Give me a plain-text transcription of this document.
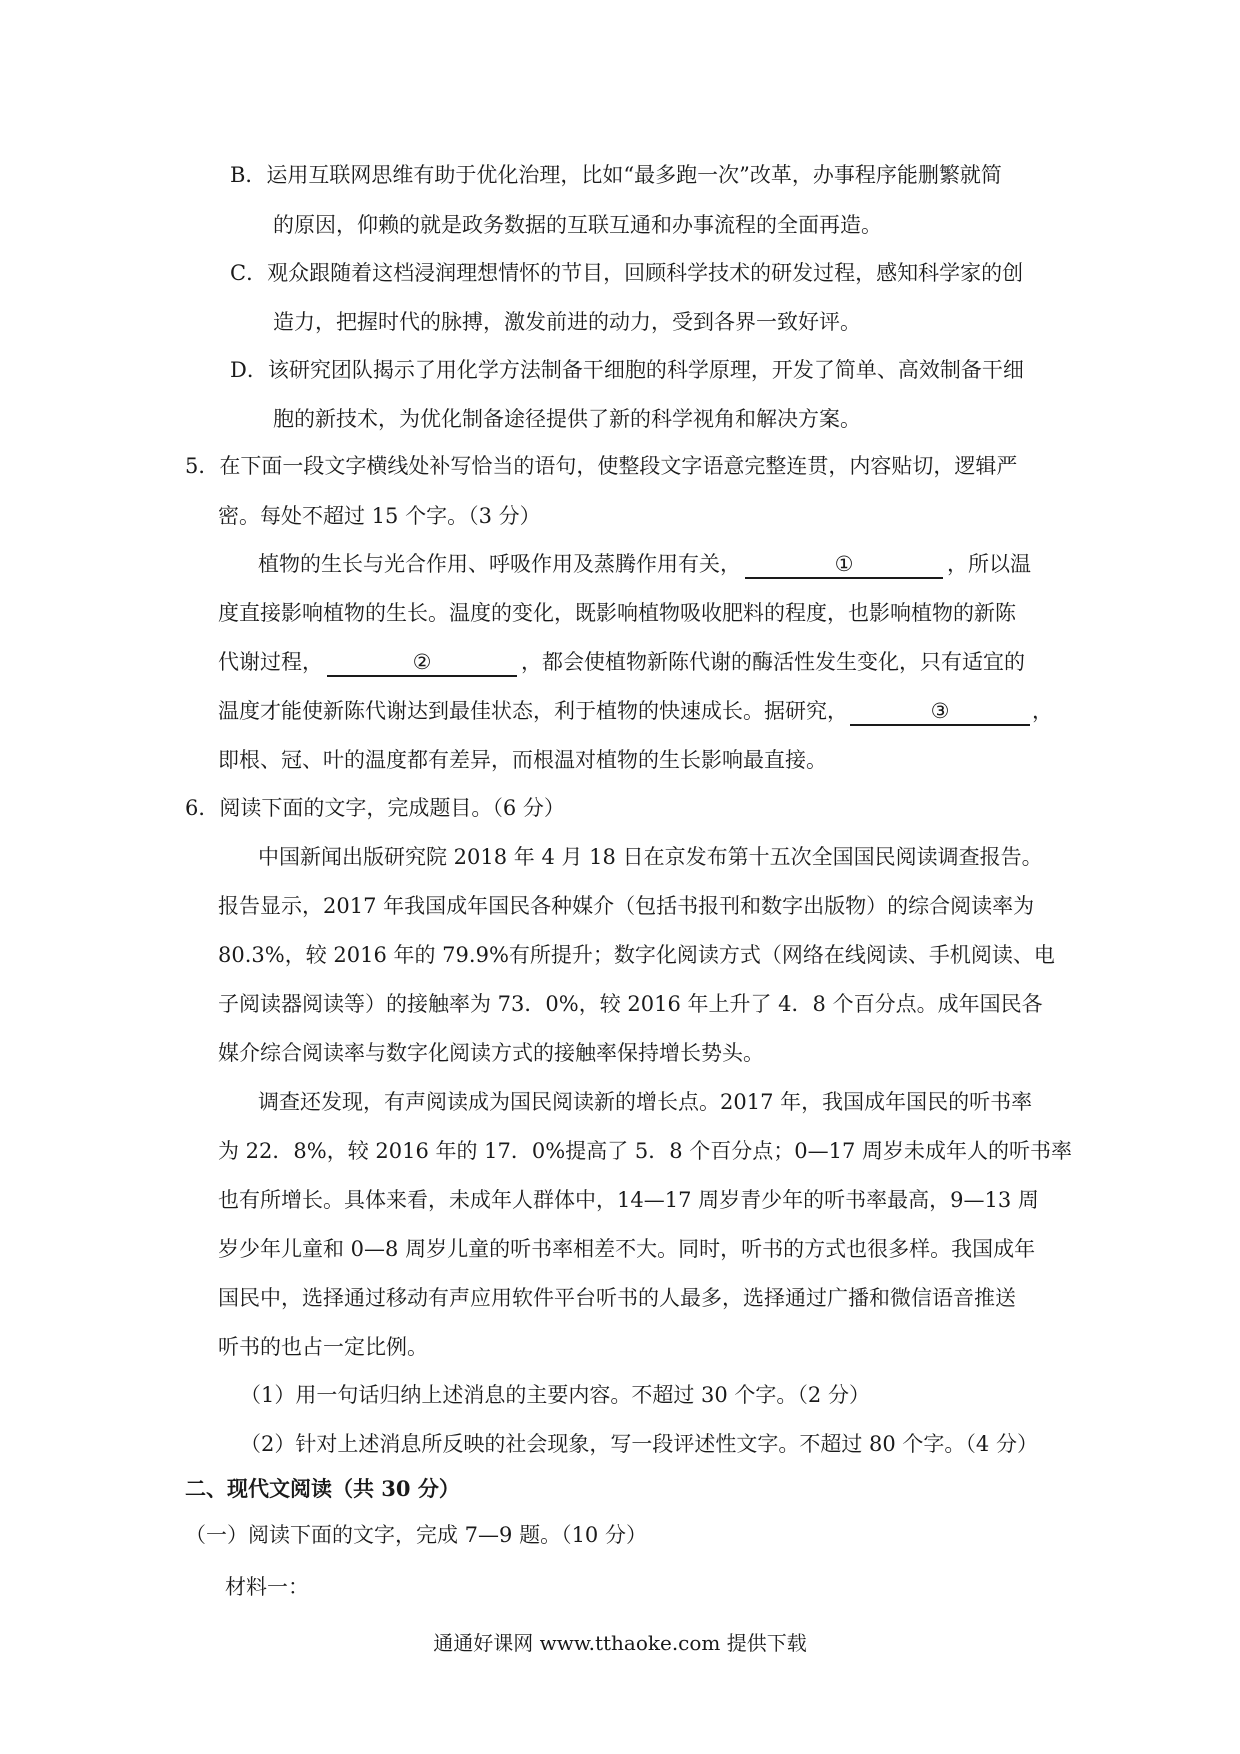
B．运用互联网思维有助于优化治理，比如“最多跑一次”改革，办事程序能删繁就简
的原因，仰赖的就是政务数据的互联互通和办事流程的全面再造。
C．观众跟随着这档浸润理想情怀的节目，回顾科学技术的研发过程，感知科学家的创
造力，把握时代的脉搏，激发前进的动力，受到各界一致好评。
D．该研究团队揭示了用化学方法制备干细胞的科学原理，开发了简单、高效制备干细
胞的新技术，为优化制备途径提供了新的科学视角和解决方案。
5．在下面一段文字横线处补写恰当的语句，使整段文字语意完整连贯，内容贴切，逻辑严
密。每处不超过 15 个字。（3 分）
植物的生长与光合作用、呼吸作用及蒸腾作用有关，	①	，所以温
度直接影响植物的生长。温度的变化，既影响植物吸收肥料的程度，也影响植物的新陈
代谢过程，	②	，都会使植物新陈代谢的酶活性发生变化，只有适宜的
温度才能使新陈代谢达到最佳状态，利于植物的快速成长。据研究，	③	，
即根、冠、叶的温度都有差异，而根温对植物的生长影响最直接。
6．阅读下面的文字，完成题目。（6 分）
中国新闻出版研究院 2018 年 4 月 18 日在京发布第十五次全国国民阅读调查报告。
报告显示，2017 年我国成年国民各种媒介（包括书报刊和数字出版物）的综合阅读率为
80.3%，较 2016 年的 79.9%有所提升；数字化阅读方式（网络在线阅读、手机阅读、电
子阅读器阅读等）的接触率为 73．0%，较 2016 年上升了 4．8 个百分点。成年国民各
媒介综合阅读率与数字化阅读方式的接触率保持增长势头。
调查还发现，有声阅读成为国民阅读新的增长点。2017 年，我国成年国民的听书率
为 22．8%，较 2016 年的 17．0%提高了 5．8 个百分点；0—17 周岁未成年人的听书率
也有所增长。具体来看，未成年人群体中，14—17 周岁青少年的听书率最高，9—13 周
岁少年儿童和 0—8 周岁儿童的听书率相差不大。同时，听书的方式也很多样。我国成年
国民中，选择通过移动有声应用软件平台听书的人最多，选择通过广播和微信语音推送
听书的也占一定比例。
（1）用一句话归纳上述消息的主要内容。不超过 30 个字。（2 分）
（2）针对上述消息所反映的社会现象，写一段评述性文字。不超过 80 个字。（4 分）
二、现代文阅读（共 30 分）
（一）阅读下面的文字，完成 7—9 题。（10 分）
材料一：
通通好课网 www.tthaoke.com 提供下载
